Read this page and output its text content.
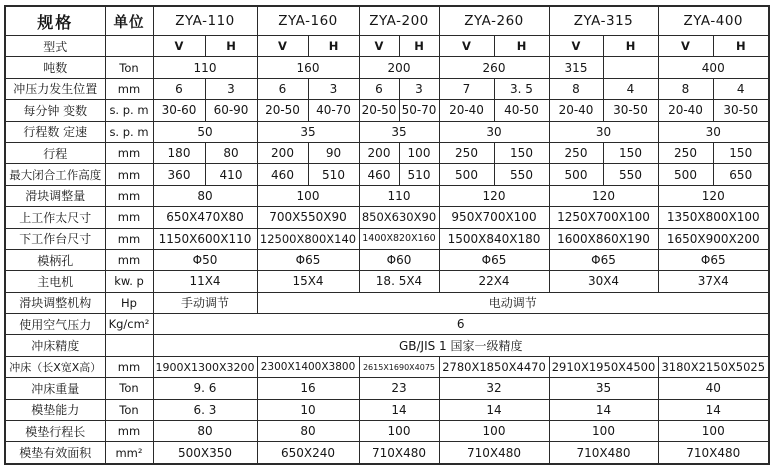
规格	单位	ZYA-110		ZYA-160		ZYA-200		ZYA-260		ZYA-315		ZYA-400	
型式		V	H	V	H	V	H	V	H	V	H	V	H
吨数	Ton	110		160		200		260		315		400	
冲压力发生位置	mm	6	3	6	3	6	3	7	3. 5	8	4	8	4
每分钟 变数	s. p. m	30-60	60-90	20-50	40-70	20-50	50-70	20-40	40-50	20-40	30-50	20-40	30-50
行程数 定速	s. p. m	50		35		35		30		30		30	
行程	mm	180	80	200	90	200	100	250	150	250	150	250	150
最大闭合工作高度	mm	360	410	460	510	460	510	500	550	500	550	500	650
滑块调整量	mm	80		100		110		120		120		120	
上工作太尺寸	mm	650X470X80		700X550X90		850X630X90		950X700X100		1250X700X100		1350X800X100	
下工作台尺寸	mm	1150X600X110		12500X800X140		1400X820X160		1500X840X180		1600X860X190		1650X900X200	
模柄孔	mm	Φ50		Φ65		Φ60		Φ65		Φ65		Φ65	
主电机	kw. p	11X4		15X4		18. 5X4		22X4		30X4		37X4	
滑块调整机构	Hp	手动调节		电动调节									
使用空气压力	Kg/cm²	6											
冲床精度		GB/JIS 1 国家一级精度											
冲床（长X宽X高）	mm	1900X1300X3200		2300X1400X3800		2615X1690X4075		2780X1850X4470		2910X1950X4500		3180X2150X5025	
冲床重量	Ton	9. 6		16		23		32		35		40	
模垫能力	Ton	6. 3		10		14		14		14		14	
模垫行程长	mm	80		80		100		100		100		100	
模垫有效面积	mm²	500X350		650X240		710X480		710X480		710X480		710X480	
